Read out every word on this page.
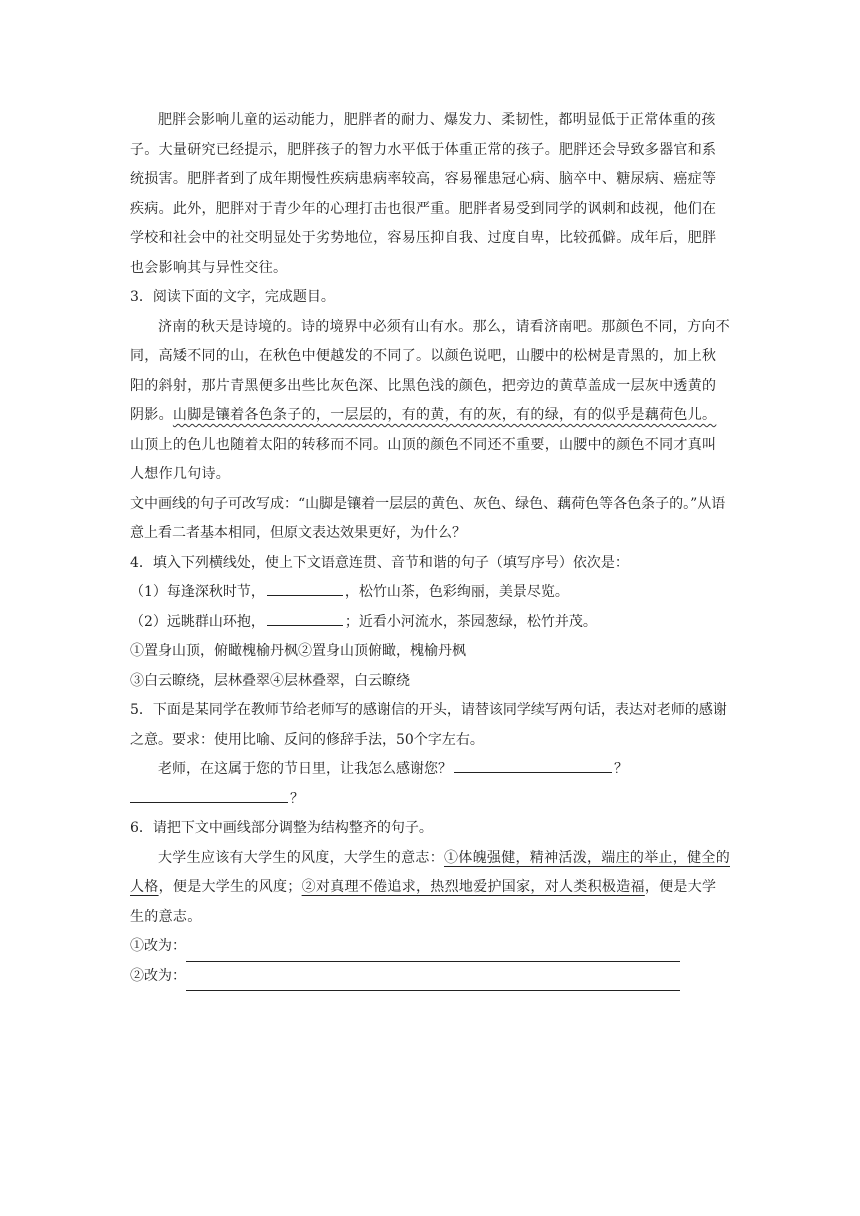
肥胖会影响儿童的运动能力，肥胖者的耐力、爆发力、柔韧性，都明显低于正常体重的孩子。大量研究已经提示，肥胖孩子的智力水平低于体重正常的孩子。肥胖还会导致多器官和系统损害。肥胖者到了成年期慢性疾病患病率较高，容易罹患冠心病、脑卒中、糖尿病、癌症等疾病。此外，肥胖对于青少年的心理打击也很严重。肥胖者易受到同学的讽刺和歧视，他们在学校和社会中的社交明显处于劣势地位，容易压抑自我、过度自卑，比较孤僻。成年后，肥胖也会影响其与异性交往。

3．阅读下面的文字，完成题目。

济南的秋天是诗境的。诗的境界中必须有山有水。那么，请看济南吧。那颜色不同，方向不同，高矮不同的山，在秋色中便越发的不同了。以颜色说吧，山腰中的松树是青黑的，加上秋阳的斜射，那片青黑便多出些比灰色深、比黑色浅的颜色，把旁边的黄草盖成一层灰中透黄的阴影。山脚是镶着各色条子的，一层层的，有的黄，有的灰，有的绿，有的似乎是藕荷色儿。山顶上的色儿也随着太阳的转移而不同。山顶的颜色不同还不重要，山腰中的颜色不同才真叫人想作几句诗。

文中画线的句子可改写成：“山脚是镶着一层层的黄色、灰色、绿色、藕荷色等各色条子的。”从语意上看二者基本相同，但原文表达效果更好，为什么？

4．填入下列横线处，使上下文语意连贯、音节和谐的句子（填写序号）依次是：

（1）每逢深秋时节，	，松竹山茶，色彩绚丽，美景尽览。

（2）远眺群山环抱，	；近看小河流水，茶园葱绿，松竹并茂。

①置身山顶，俯瞰槐榆丹枫②置身山顶俯瞰，槐榆丹枫

③白云瞭绕，层林叠翠④层林叠翠，白云瞭绕

5．下面是某同学在教师节给老师写的感谢信的开头，请替该同学续写两句话，表达对老师的感谢之意。要求：使用比喻、反问的修辞手法，50个字左右。

老师，在这属于您的节日里，让我怎么感谢您？	？

？

6．请把下文中画线部分调整为结构整齐的句子。

大学生应该有大学生的风度，大学生的意志：①体魄强健，精神活泼，端庄的举止，健全的人格，便是大学生的风度；②对真理不倦追求，热烈地爱护国家，对人类积极造福，便是大学生的意志。

①改为：

②改为：
